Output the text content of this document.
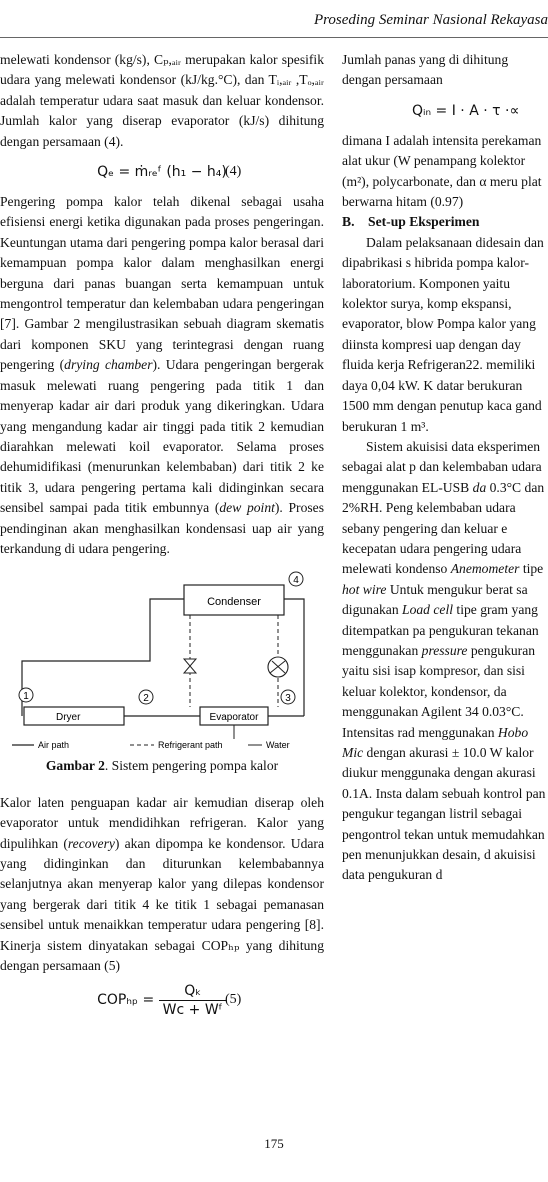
Proseding Seminar Nasional Rekayasa

melewati kondensor (kg/s), Cₚ,ₐᵢᵣ merupakan kalor spesifik udara yang melewati kondensor (kJ/kg.°C), dan Tᵢ,ₐᵢᵣ ,Tₒ,ₐᵢᵣ adalah temperatur udara saat masuk dan keluar kondensor. Jumlah kalor yang diserap evaporator (kJ/s) dihitung dengan persamaan (4).

Qₑ = ṁᵣₑᶠ (h₁ − h₄)
(4)

Pengering pompa kalor telah dikenal sebagai usaha efisiensi energi ketika digunakan pada proses pengeringan. Keuntungan utama dari pengering pompa kalor berasal dari kemampuan pompa kalor dalam menghasilkan energi berguna dari panas buangan serta kemampuan untuk mengontrol temperatur dan kelembaban udara pengeringan [7]. Gambar 2 mengilustrasikan sebuah diagram skematis dari komponen SKU yang terintegrasi dengan ruang pengering (drying chamber). Udara pengeringan bergerak masuk melewati ruang pengering pada titik 1 dan menyerap kadar air dari produk yang dikeringkan. Udara yang mengandung kadar air tinggi pada titik 2 kemudian diarahkan melewati koil evaporator. Selama proses dehumidifikasi (menurunkan kelembaban) dari titik 2 ke titik 3, udara pengering pertama kali didinginkan secara sensibel sampai pada titik embunnya (dew point). Proses pendinginan akan menghasilkan kondensasi uap air yang terkandung di udara pengering.

Condenser
Dryer	Evaporator
1	2	3
4
Air path	Refrigerant path	Water
Gambar 2. Sistem pengering pompa kalor

Kalor laten penguapan kadar air kemudian diserap oleh evaporator untuk mendidihkan refrigeran. Kalor yang dipulihkan (recovery) akan dipompa ke kondensor. Udara yang didinginkan dan diturunkan kelembabannya selanjutnya akan menyerap kalor yang dilepas kondensor yang bergerak dari titik 4 ke titik 1 sebagai pemanasan sensibel untuk menaikkan temperatur udara pengering [8]. Kinerja sistem dinyatakan sebagai COPₕₚ yang dihitung dengan persamaan (5)

$COP_{hp} = \frac{\text{Qₖ}}{\text{Wᴄ + Wᶠ}}$
(5)

Jumlah panas yang di dihitung dengan persamaan

Qᵢₙ = I · A · τ ·∝

dimana I adalah intensita perekaman alat ukur (W penampang kolektor (m²), polycarbonate, dan α meru plat berwarna hitam (0.97)

B. Set-up Eksperimen

Dalam pelaksanaan didesain dan dipabrikasi s hibrida pompa kalor- laboratorium. Komponen yaitu kolektor surya, komp ekspansi, evaporator, blow Pompa kalor yang diinsta kompresi uap dengan day fluida kerja Refrigeran22. memiliki daya 0,04 kW. K datar berukuran 1500 mm dengan penutup kaca gand berukuran 1 m³.

Sistem akuisisi data eksperimen sebagai alat p dan kelembaban udara menggunakan EL-USB da 0.3°C dan 2%RH. Peng kelembaban udara sebany pengering dan keluar e kecepatan udara pengering udara melewati kondenso Anemometer tipe hot wire Untuk mengukur berat sa digunakan Load cell tipe gram yang ditempatkan pa pengukuran tekanan menggunakan pressure pengukuran yaitu sisi isap kompresor, dan sisi keluar kolektor, kondensor, da menggunakan Agilent 34 0.03°C. Intensitas rad menggunakan Hobo Mic dengan akurasi ± 10.0 W kalor diukur menggunaka dengan akurasi 0.1A. Insta dalam sebuah kontrol pan pengukur tegangan listril sebagai pengontrol tekan untuk memudahkan pen menunjukkan desain, d akuisisi data pengukuran d

175
